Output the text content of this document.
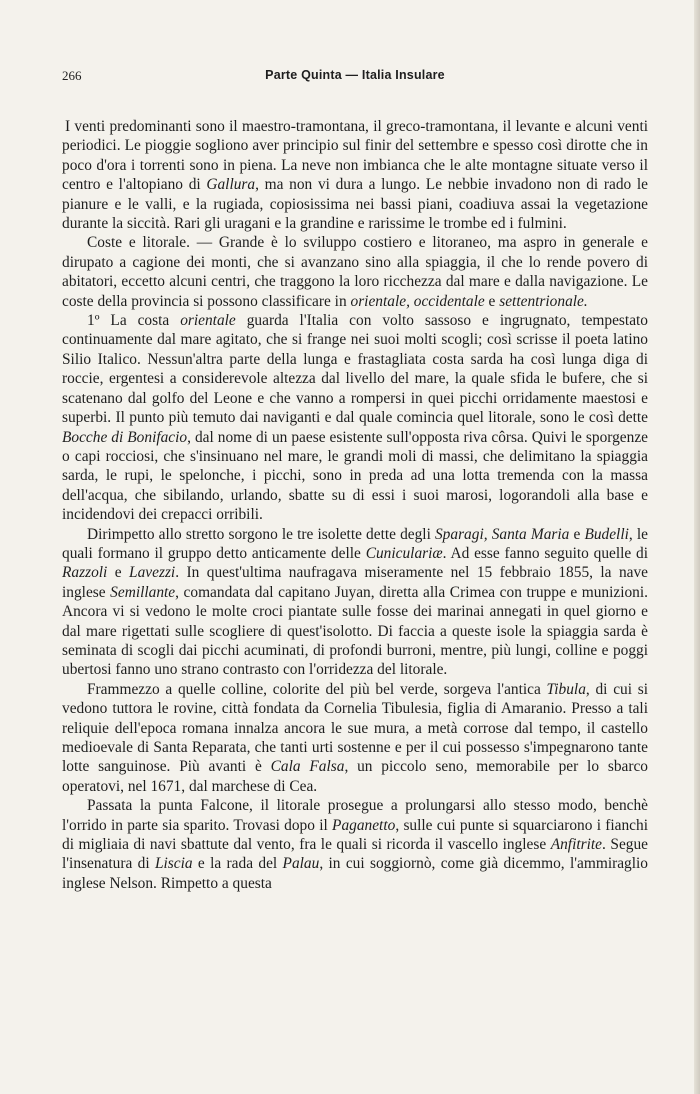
266	Parte Quinta — Italia Insulare

I venti predominanti sono il maestro-tramontana, il greco-tramontana, il levante e alcuni venti periodici. Le pioggie sogliono aver principio sul finir del settembre e spesso così dirotte che in poco d'ora i torrenti sono in piena. La neve non imbianca che le alte montagne situate verso il centro e l'altopiano di Gallura, ma non vi dura a lungo. Le nebbie invadono non di rado le pianure e le valli, e la rugiada, copiosissima nei bassi piani, coadiuva assai la vegetazione durante la siccità. Rari gli uragani e la grandine e rarissime le trombe ed i fulmini.

Coste e litorale. — Grande è lo sviluppo costiero e litoraneo, ma aspro in generale e dirupato a cagione dei monti, che si avanzano sino alla spiaggia, il che lo rende povero di abitatori, eccetto alcuni centri, che traggono la loro ricchezza dal mare e dalla navigazione. Le coste della provincia si possono classificare in orientale, occidentale e settentrionale.

1º La costa orientale guarda l'Italia con volto sassoso e ingrugnato, tempestato continuamente dal mare agitato, che si frange nei suoi molti scogli; così scrisse il poeta latino Silio Italico. Nessun'altra parte della lunga e frastagliata costa sarda ha così lunga diga di roccie, ergentesi a considerevole altezza dal livello del mare, la quale sfida le bufere, che si scatenano dal golfo del Leone e che vanno a rompersi in quei picchi orridamente maestosi e superbi. Il punto più temuto dai naviganti e dal quale comincia quel litorale, sono le così dette Bocche di Bonifacio, dal nome di un paese esistente sull'opposta riva côrsa. Quivi le sporgenze o capi rocciosi, che s'insinuano nel mare, le grandi moli di massi, che delimitano la spiaggia sarda, le rupi, le spelonche, i picchi, sono in preda ad una lotta tremenda con la massa dell'acqua, che sibilando, urlando, sbatte su di essi i suoi marosi, logorandoli alla base e incidendovi dei crepacci orribili.

Dirimpetto allo stretto sorgono le tre isolette dette degli Sparagi, Santa Maria e Budelli, le quali formano il gruppo detto anticamente delle Cuniculariæ. Ad esse fanno seguito quelle di Razzoli e Lavezzi. In quest'ultima naufragava miseramente nel 15 febbraio 1855, la nave inglese Semillante, comandata dal capitano Juyan, diretta alla Crimea con truppe e munizioni. Ancora vi si vedono le molte croci piantate sulle fosse dei marinai annegati in quel giorno e dal mare rigettati sulle scogliere di quest'isolotto. Di faccia a queste isole la spiaggia sarda è seminata di scogli dai picchi acuminati, di profondi burroni, mentre, più lungi, colline e poggi ubertosi fanno uno strano contrasto con l'orridezza del litorale.

Frammezzo a quelle colline, colorite del più bel verde, sorgeva l'antica Tibula, di cui si vedono tuttora le rovine, città fondata da Cornelia Tibulesia, figlia di Amaranio. Presso a tali reliquie dell'epoca romana innalza ancora le sue mura, a metà corrose dal tempo, il castello medioevale di Santa Reparata, che tanti urti sostenne e per il cui possesso s'impegnarono tante lotte sanguinose. Più avanti è Cala Falsa, un piccolo seno, memorabile per lo sbarco operatovi, nel 1671, dal marchese di Cea.

Passata la punta Falcone, il litorale prosegue a prolungarsi allo stesso modo, benchè l'orrido in parte sia sparito. Trovasi dopo il Paganetto, sulle cui punte si squarciarono i fianchi di migliaia di navi sbattute dal vento, fra le quali si ricorda il vascello inglese Anfitrite. Segue l'insenatura di Liscia e la rada del Palau, in cui soggiornò, come già dicemmo, l'ammiraglio inglese Nelson. Rimpetto a questa
